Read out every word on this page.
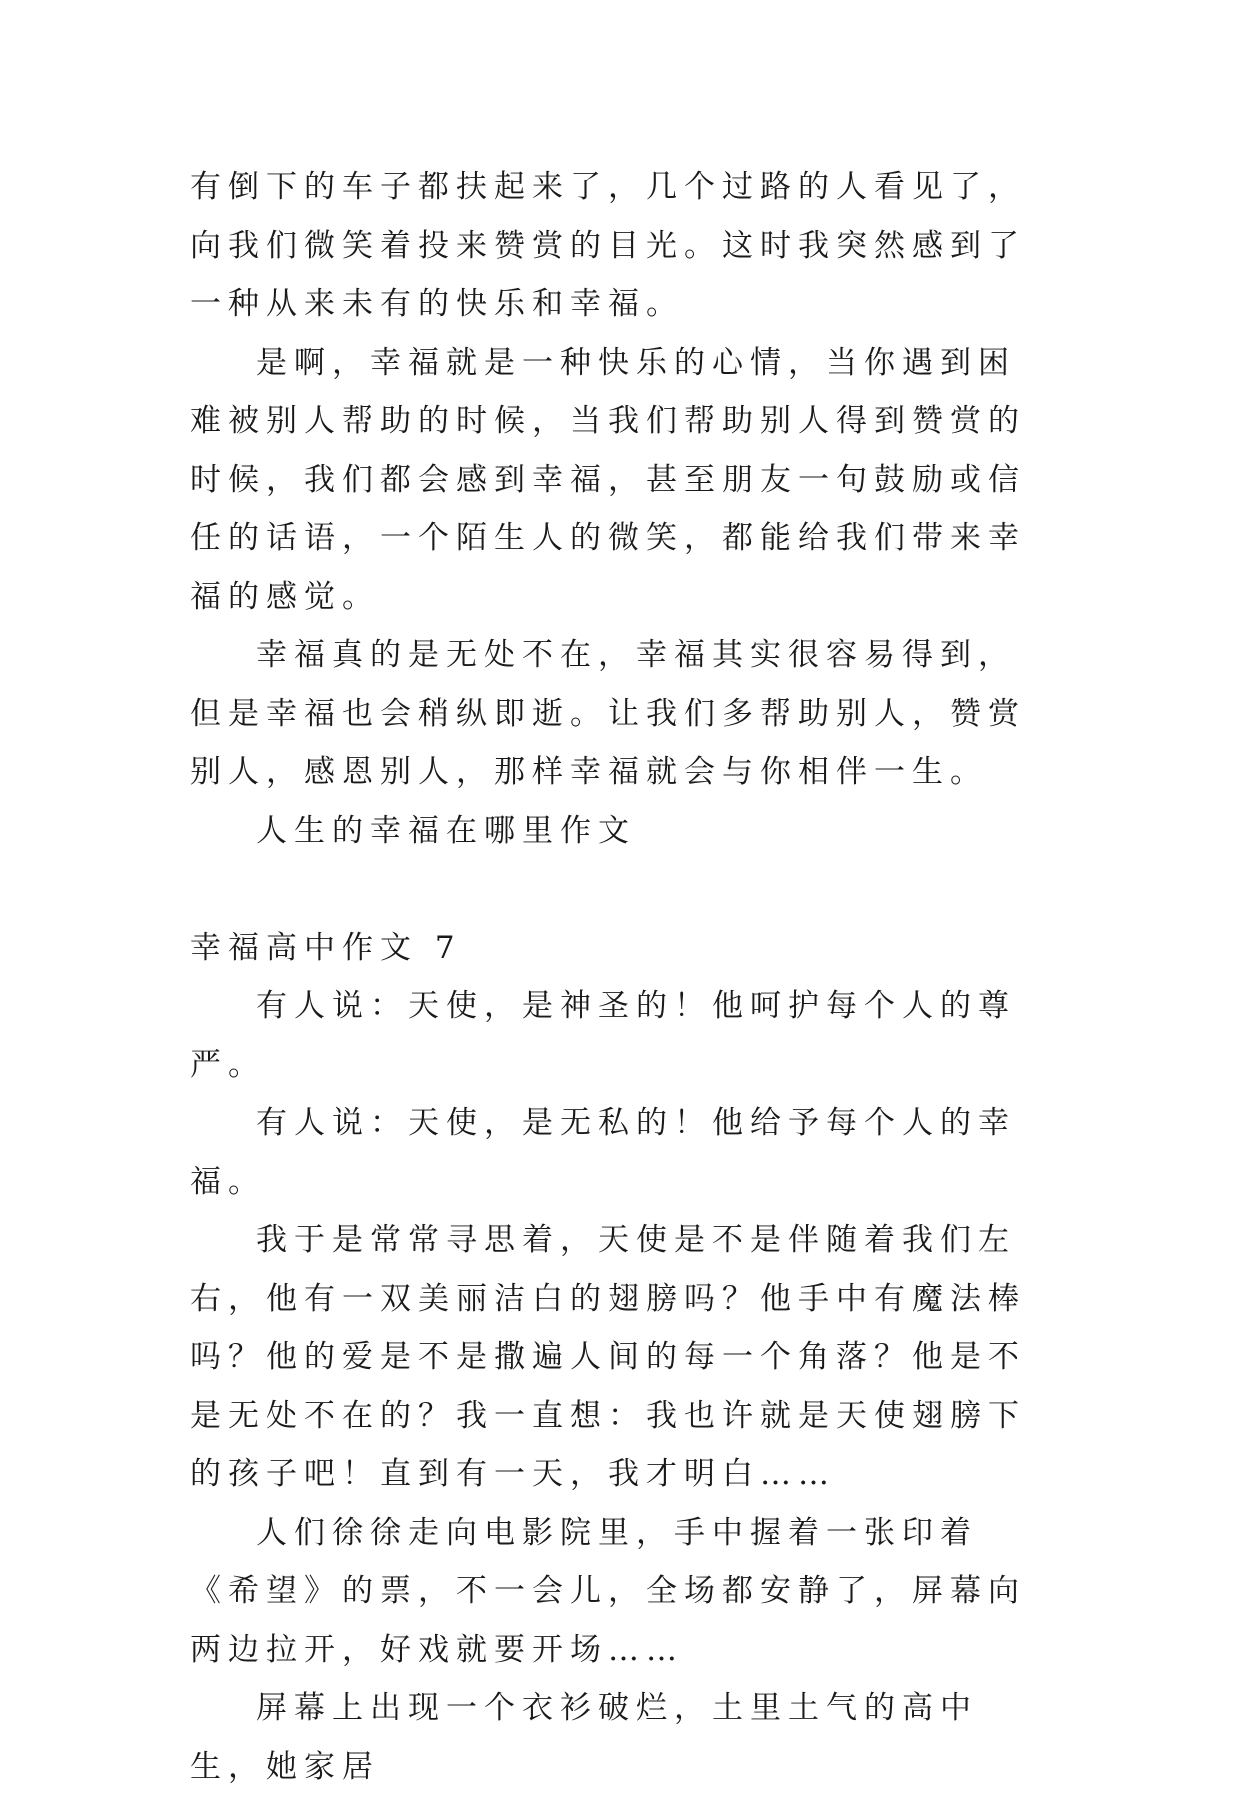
有倒下的车子都扶起来了，几个过路的人看见了，向我们微笑着投来赞赏的目光。这时我突然感到了一种从来未有的快乐和幸福。

是啊，幸福就是一种快乐的心情，当你遇到困难被别人帮助的时候，当我们帮助别人得到赞赏的时候，我们都会感到幸福，甚至朋友一句鼓励或信任的话语，一个陌生人的微笑，都能给我们带来幸福的感觉。

幸福真的是无处不在，幸福其实很容易得到，但是幸福也会稍纵即逝。让我们多帮助别人，赞赏别人，感恩别人，那样幸福就会与你相伴一生。

人生的幸福在哪里作文

幸福高中作文 7

有人说：天使，是神圣的！他呵护每个人的尊严。

有人说：天使，是无私的！他给予每个人的幸福。

我于是常常寻思着，天使是不是伴随着我们左右，他有一双美丽洁白的翅膀吗？他手中有魔法棒吗？他的爱是不是撒遍人间的每一个角落？他是不是无处不在的？我一直想：我也许就是天使翅膀下的孩子吧！直到有一天，我才明白……

人们徐徐走向电影院里，手中握着一张印着《希望》的票，不一会儿，全场都安静了，屏幕向两边拉开，好戏就要开场……

屏幕上出现一个衣衫破烂，土里土气的高中生，她家居
